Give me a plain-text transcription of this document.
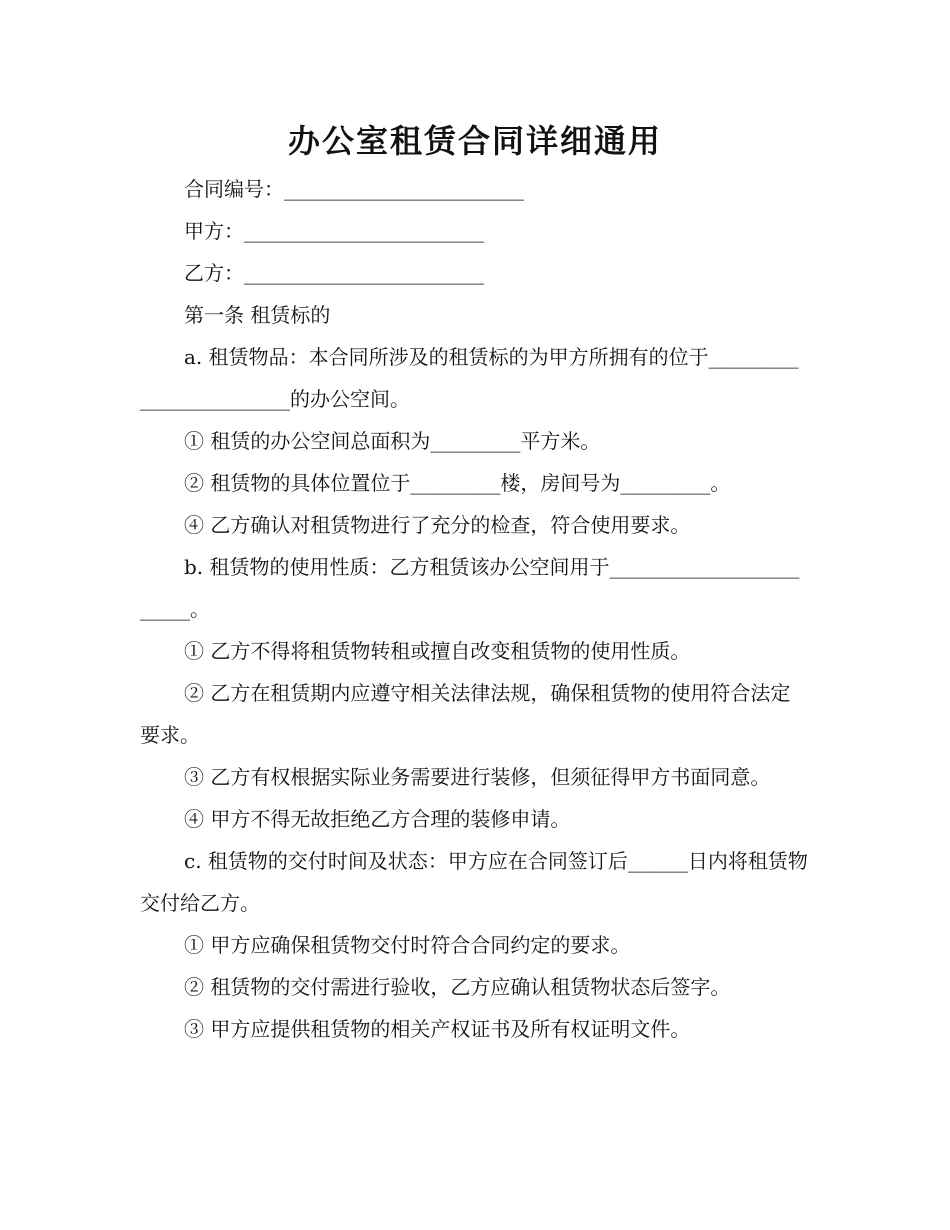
办公室租赁合同详细通用

合同编号：________________________

甲方：________________________

乙方：________________________

第一条 租赁标的

a. 租赁物品：本合同所涉及的租赁标的为甲方所拥有的位于________________________的办公空间。

① 租赁的办公空间总面积为_________平方米。

② 租赁物的具体位置位于_________楼，房间号为_________。

④ 乙方确认对租赁物进行了充分的检查，符合使用要求。

b. 租赁物的使用性质：乙方租赁该办公空间用于________________________。

① 乙方不得将租赁物转租或擅自改变租赁物的使用性质。

② 乙方在租赁期内应遵守相关法律法规，确保租赁物的使用符合法定要求。

③ 乙方有权根据实际业务需要进行装修，但须征得甲方书面同意。

④ 甲方不得无故拒绝乙方合理的装修申请。

c. 租赁物的交付时间及状态：甲方应在合同签订后______日内将租赁物交付给乙方。

① 甲方应确保租赁物交付时符合合同约定的要求。

② 租赁物的交付需进行验收，乙方应确认租赁物状态后签字。

③ 甲方应提供租赁物的相关产权证书及所有权证明文件。
